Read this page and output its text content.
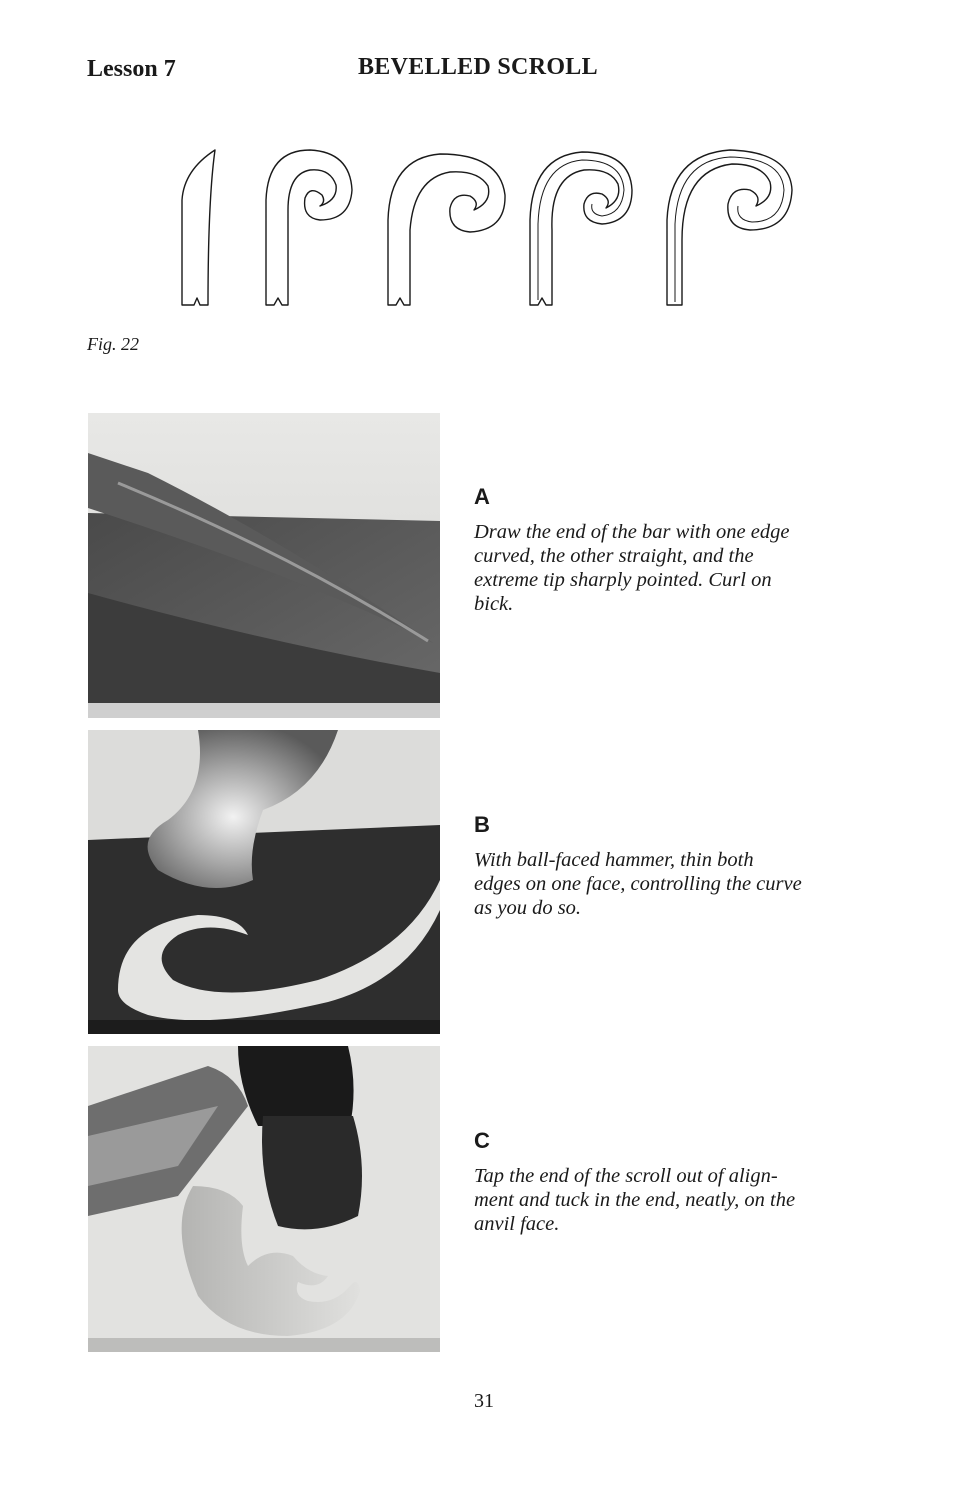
Lesson 7	BEVELLED SCROLL
Fig. 22
A
Draw the end of the bar with one edge
curved, the other straight, and the
extreme tip sharply pointed. Curl on
bick.
B
With ball-faced hammer, thin both
edges on one face, controlling the curve
as you do so.
C
Tap the end of the scroll out of align-
ment and tuck in the end, neatly, on the
anvil face.
31
